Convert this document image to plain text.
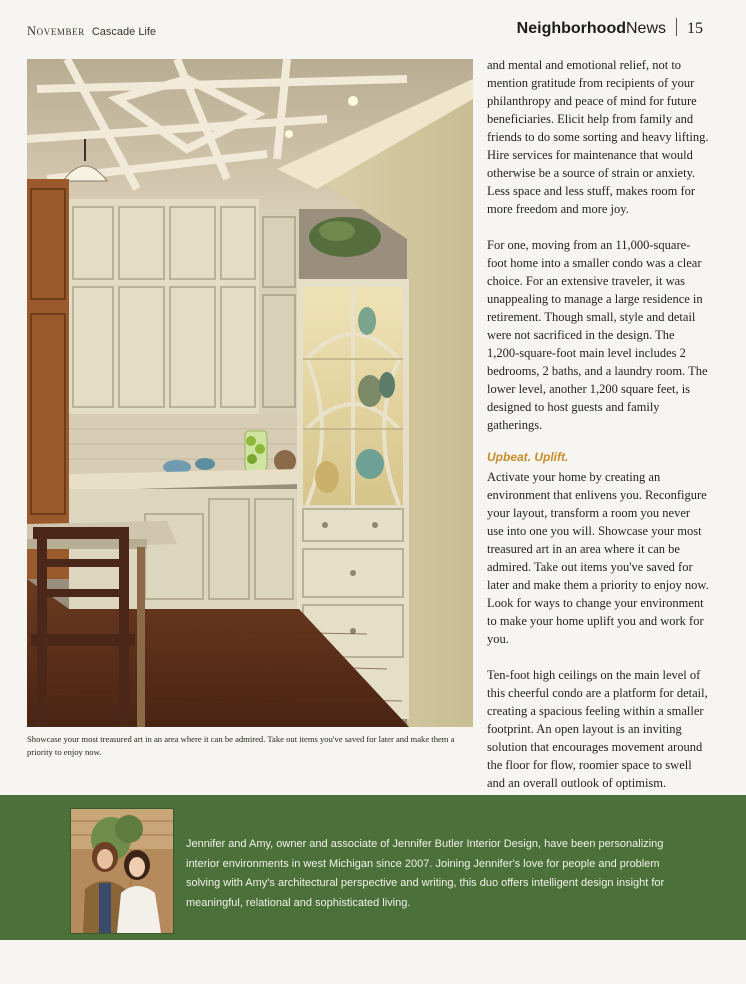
November Cascade Life	NeighborhoodNews 15
Showcase your most treasured art in an area where it can be admired. Take out items you've saved for later and make them a priority to enjoy now.

and mental and emotional relief, not to mention gratitude from recipients of your philanthropy and peace of mind for future beneficiaries. Elicit help from family and friends to do some sorting and heavy lifting. Hire services for maintenance that would otherwise be a source of strain or anxiety. Less space and less stuff, makes room for more freedom and more joy.

For one, moving from an 11,000-square-foot home into a smaller condo was a clear choice. For an extensive traveler, it was unappealing to manage a large residence in retirement. Though small, style and detail were not sacrificed in the design. The 1,200-square-foot main level includes 2 bedrooms, 2 baths, and a laundry room. The lower level, another 1,200 square feet, is designed to host guests and family gatherings.

Upbeat. Uplift.

Activate your home by creating an environment that enlivens you. Reconfigure your layout, transform a room you never use into one you will. Showcase your most treasured art in an area where it can be admired. Take out items you've saved for later and make them a priority to enjoy now. Look for ways to change your environment to make your home uplift you and work for you.

Ten-foot high ceilings on the main level of this cheerful condo are a platform for detail, creating a spacious feeling within a smaller footprint. An open layout is an inviting solution that encourages movement around the floor for flow, roomier space to swell and an overall outlook of optimism.

Jennifer and Amy, owner and associate of Jennifer Butler Interior Design, have been personalizing interior environments in west Michigan since 2007. Joining Jennifer's love for people and problem solving with Amy's architectural perspective and writing, this duo offers intelligent design insight for meaningful, relational and sophisticated living.
